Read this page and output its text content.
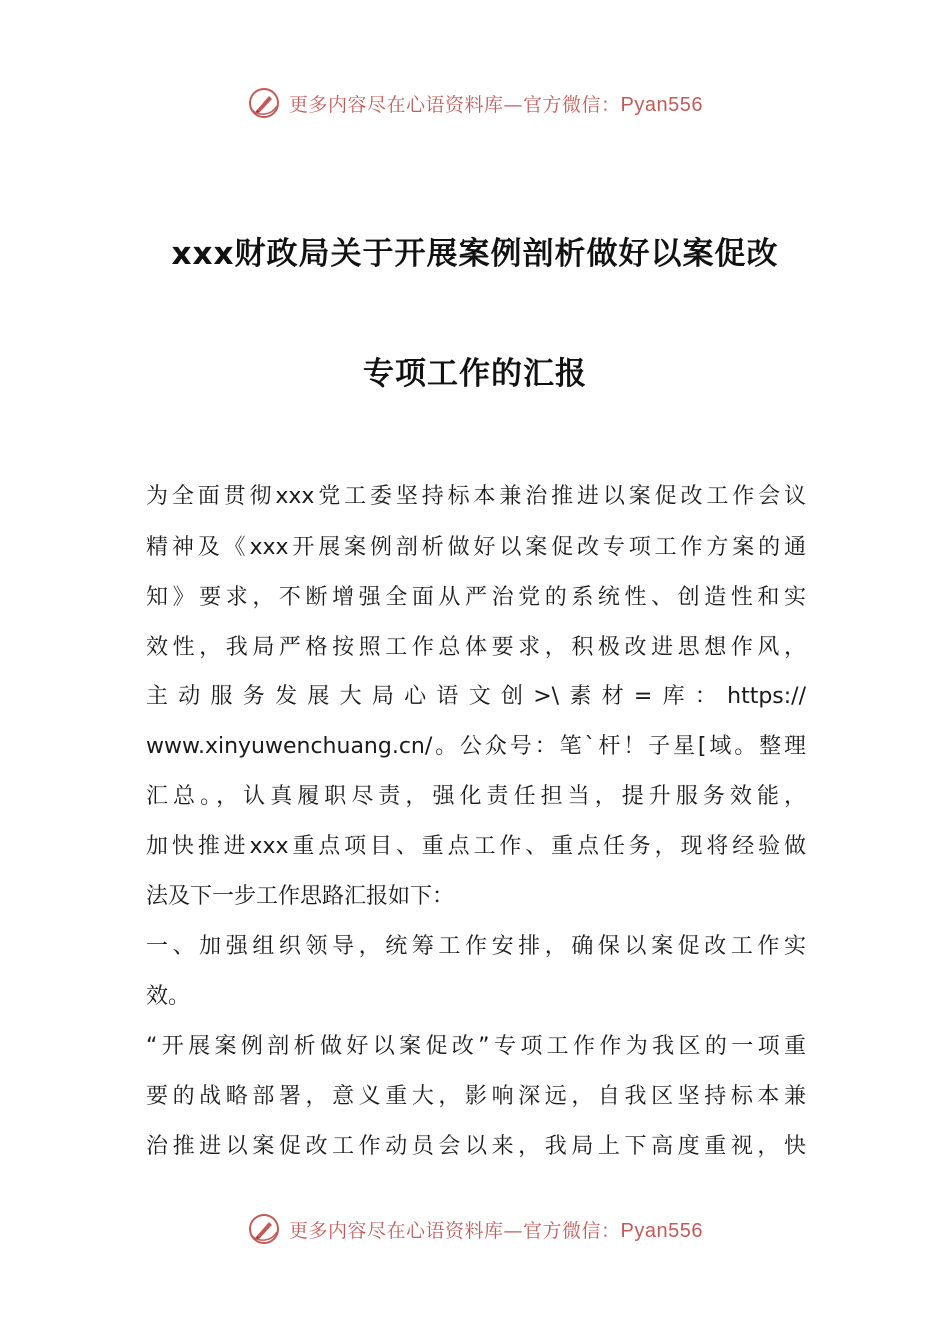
更多内容尽在心语资料库—官方微信：Pyan556
xxx财政局关于开展案例剖析做好以案促改
专项工作的汇报
为全面贯彻xxx党工委坚持标本兼治推进以案促改工作会议
精神及《xxx开展案例剖析做好以案促改专项工作方案的通
知》要求，不断增强全面从严治党的系统性、创造性和实
效性，我局严格按照工作总体要求，积极改进思想作风，
主动服务发展大局心语文创>\素材=库：https://
www.xinyuwenchuang.cn/。公众号：笔`杆！子星[域。整理
汇总。，认真履职尽责，强化责任担当，提升服务效能，
加快推进xxx重点项目、重点工作、重点任务，现将经验做
法及下一步工作思路汇报如下：
一、加强组织领导，统筹工作安排，确保以案促改工作实
效。
“开展案例剖析做好以案促改”专项工作作为我区的一项重
要的战略部署，意义重大，影响深远，自我区坚持标本兼
治推进以案促改工作动员会以来，我局上下高度重视，快
更多内容尽在心语资料库—官方微信：Pyan556
